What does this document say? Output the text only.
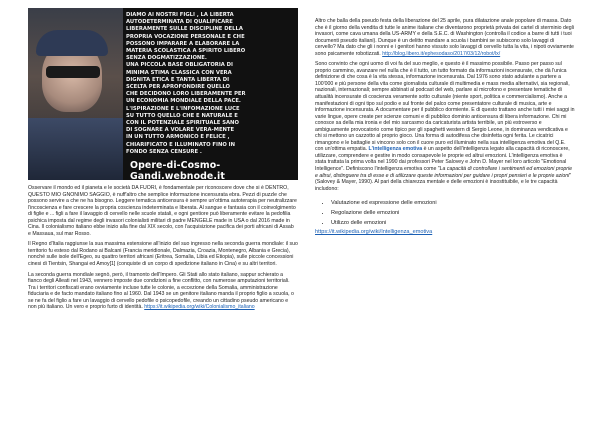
DIAMO AI NOSTRI FIGLI , LA LIBERTA
AUTODETERMINATA DI QUALIFICARE
LIBERAMENTE SULLE DISCIPLINE DELLA
PROPRIA VOCAZIONE PERSONALE E CHE
POSSONO IMPARARE A ELABORARE LA
MATERIA SCOLASTICA A SPIRITO LIBERO
SENZA DOGMATIZZAZIONE.
UNA PICCOLA BASE OBLIGATORIA DI
MINIMA STIMA CLASSICA CON VERA
DIGNITA ETICA E TANTA LIBERTA DI
SCELTA PER APROFONDIRE QUELLO
CHE DECIDONO LORO LIBERAMENTE PER
UN ECONOMIA MONDIALE DELLA PACE.
L'ISPIRAZIONE E L'INFOMAZIONE LUCE
SU TUTTO QUELLO CHE E NATURALE E
CON IL POTENZIALE SPIRITUALE SANO
DI SOGNARE A VOLARE VERA-MENTE
IN UN TUTTO ARMONICO E FELICE ,
CHIARIFICATO E ILLUMINATO FINO IN
FONDO SENZA CENSURE .
Opere-di-Cosmo-Gandi.webnode.it

Osservare il mondo ed il pianeta e le società DA FUORI, è fondamentale per riconoscere dove che si è DENTRO, QUESTO MIO GNONIMO SAGGIO, è nuff'altro che semplice informazione incensurata ebra. Pezzi di puzzle che possono servire a che ne ha bisogno. Leggere tematica anticensura è sempre un'ottima autoterapia per neutralizzare l'incoscienza e fare crescere la propria coscienza indeterminata e liberata. Al sangue e fantasia con il coinvolgimento di figlie e ... figli a fare il lavaggio di cervello nelle scuole statali, e ogni gentiore può liberamente evitare la pedofilia psichica imposta dal regime degli invasori colonialisti militari di padre MENGELE made in USA o dal 2016 made in Cina. Il colonialismo italiano ebbe inizio alla fine dal XIX secolo, con l'acquisizione pacifica dei porti africani di Assab e Massaua, sul mar Rosso.

Il Regno d'Italia raggiunse la sua massima estensione all'inizio del suo ingresso nella seconda guerra mondiale: il suo territorio fu esteso dal Rodano ai Balcani (Francia meridionale, Dalmazia, Croazia, Montenegro, Albania e Grecia), nonché sulle isole dell'Egeo, su quattro territori africani (Eritrea, Somalia, Libia ed Etiopia), sulle piccole concessioni cinesi di Tientsin, Shangai ed Amoy[1] (conquiste di un corpo di spedizione italiano in Cina) e su altri territori.

La seconda guerra mondiale segnò, però, il tramonto dell'Impero. Gli Stati allo stato italiano, sappur schierato a fianco degli Alleati nel 1943, vennero imposte due condizioni a fine conflitto, con numerose amputazioni territoriali. Tra i territori confiscati erano ovviamente incluse tutte le colonie, a eccezione della Somalia, amministrazione fiduciaria e de facto mandato italiano fino al 1960. Dal 1943 se un genitore italiano manda il proprio figlio a scuola, o se ne fa del figlio a fare un lavaggio di cervello pedofile o psicopedofile, creando un cittadino pseudo americano e non più italiano. Un vero e proprio furto di identità. https://it.wikipedia.org/wiki/Colonialismo_italiano

Altro che balla della pseudo festa della liberazione del 25 aprile, pura dilatazione anale popolare di massa. Dato che è il giorno della vendita di tutte le anime italiane che diventarono proprietà privata dei cartel di sterminio degli invasori, come cava umana della US-ARMY e della S.E.C. di Washington (controlla il codice a barre di tutti i tuoi documenti pseudo italiani). Dunque è un delitto mandare a scuola i bambini se subiscono solo lavaggi di cervello? Ma dato che gli i nonni e i genitori hanno vissuto solo lavaggi di cervello tutta la vita, i nipoti ovviamente sono psicamente robotizzati. http://blog.libero.it/ephesodaso/2017/03/12/robot/lx/

Sono convinto che ogni uomo di voi fa del suo meglio, e questo è il massimo possibile. Passo per passo sul proprio cammino, avanzare nel nulla che è il tutto, un tutto formato da informazioni incensurate, che dà l'unica definizione di che cosa è la vita stessa, informazione incensurata. Dal 1976 sono stato adulante a partere a 100'000 e più persone della vita come giornalista culturale di multimedia e mass media alternativi, sia regionali, nazionali, internazionali; sempre abbinati al podcast del web, parlare al microfono e presentare tematiche di attualità incensurate di coscienza veramente sotto culturale (niente sport, politica e commercialismo). Anche a manifestazioni di ogni tipo sul podio e sul fronte del palco come presentatore culturale di musica, arte e informazione incensurata. A documentare per il pubblico dormiente. E di questo trattano anche tutti i miei saggi in varie lingue, opere create per scienze comuni e di pubblico dominio anticensura di libera informazione. Chi mi conosce sa della mia ironia e del mio sarcasmo da caricaturista artista terribile, un più estroverso e ambiguamente provocatorio come tipico per gli spaghetti western di Sergio Leone, in dominanza vendicativa e chi si mettono un cazzotto al proprio gioco. Una forma di autodifesa che disinfetta ogni ferita. Le cicatrici rimangono e le battaglie si vincono solo con il cuore puro ed illuminato nella sua intelligenza emotiva del Q.E. con un'ottima empatia. L'intelligenza emotiva è un aspetto dell'intelligenza legato alla capacità di riconoscere, utilizzare, comprendere e gestire in modo consapevole le proprie ed altrui emozioni. L'intelligenza emotiva è stata trattata la prima volta nel 1990 dai professori Peter Salovey e John D. Mayer nel loro articolo "Emotional Intelligence". Definiscono l'intelligenza emotiva come "La capacità di controllare i sentimenti ed emozioni proprie e altrui, distinguere tra di esse e di utilizzare queste informazioni per guidare i propri pensieri e le proprie azioni" (Salovey & Mayer, 1990). Al pari della chiarezza mentale e delle emozioni è insostituibile, e le tre capacità includono:

• Valutazione ed espressione delle emozioni
• Regolazione delle emozioni
• Utilizzo delle emozioni
https://it.wikipedia.org/wiki/Intelligenza_emotiva
